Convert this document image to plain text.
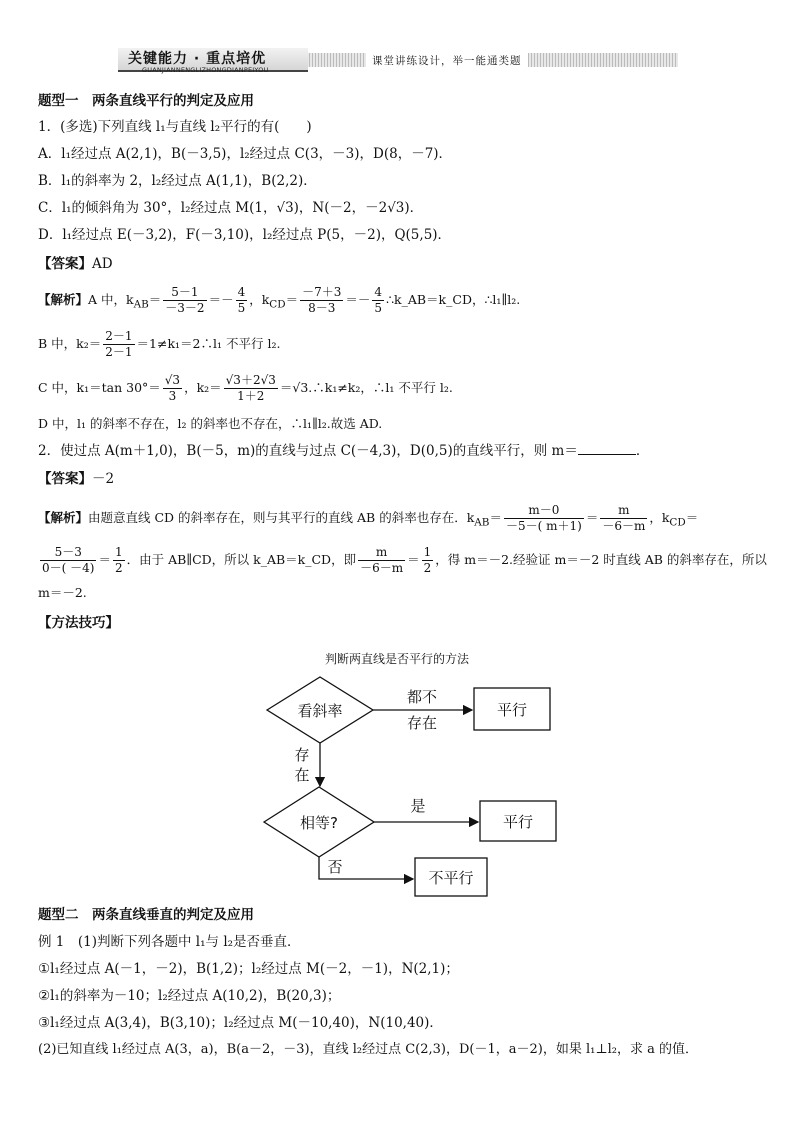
关键能力 · 重点培优
GUANJIANNENGLIZHONGDIANPEIYOU
课堂讲练设计，举一能通类题
题型一　两条直线平行的判定及应用
1．(多选)下列直线 l₁与直线 l₂平行的有(　　)
A．l₁经过点 A(2,1)，B(－3,5)，l₂经过点 C(3，－3)，D(8，－7)．
B．l₁的斜率为 2，l₂经过点 A(1,1)，B(2,2)．
C．l₁的倾斜角为 30°，l₂经过点 M(1，√3)，N(－2，－2√3)．
D．l₁经过点 E(－3,2)，F(－3,10)，l₂经过点 P(5，－2)，Q(5,5)．
【答案】AD
【解析】A 中，$k_{AB}= \frac{5-1}{-3-2} =- \frac{4}{5}$ ，$k_{CD}= \frac{-7+3}{8-3} =- \frac{4}{5}$ ∴k_AB＝k_CD，∴l₁∥l₂.
B 中，$k_2= \frac{2-1}{2-1}$ ＝1≠k₁＝2∴l₁ 不平行 l₂.
C 中，k₁＝tan $30^\circ= \frac{√3}{3}$ ，$k_2= \frac{√3+2√3}{1+2}$ ＝√3.∴k₁≠k₂，∴l₁ 不平行 l₂.
D 中，l₁ 的斜率不存在，l₂ 的斜率也不存在，∴l₁∥l₂.故选 AD.
2．使过点 A(m＋1,0)，B(－5，m)的直线与过点 C(－4,3)，D(0,5)的直线平行，则 m＝	．
【答案】－2
【解析】由题意直线 CD 的斜率存在，则与其平行的直线 AB 的斜率也存在．$k_{AB}= \frac{m-0}{-5-( m+1)} = \frac{m}{-6-m}$ ，$k_{CD}=$
$\frac{5-3}{0-( -4)} = \frac{1}{2}$ ．由于 AB∥CD，所以 k_AB＝k_CD，即 $\frac{m}{-6-m} = \frac{1}{2}$ ，得 m＝－2.经验证 m＝－2 时直线 AB 的斜率存在，所以
m＝－2.
【方法技巧】
判断两直线是否平行的方法
看斜率
都不
存在
平行
存
在
相等?
是
平行
否
不平行
题型二　两条直线垂直的判定及应用
例 1　(1)判断下列各题中 l₁与 l₂是否垂直．
①l₁经过点 A(－1，－2)，B(1,2)；l₂经过点 M(－2，－1)，N(2,1)；
②l₁的斜率为－10；l₂经过点 A(10,2)，B(20,3)；
③l₁经过点 A(3,4)，B(3,10)；l₂经过点 M(－10,40)，N(10,40)．
(2)已知直线 l₁经过点 A(3，a)，B(a－2，－3)，直线 l₂经过点 C(2,3)，D(－1，a－2)，如果 l₁⊥l₂，求 a 的值．
